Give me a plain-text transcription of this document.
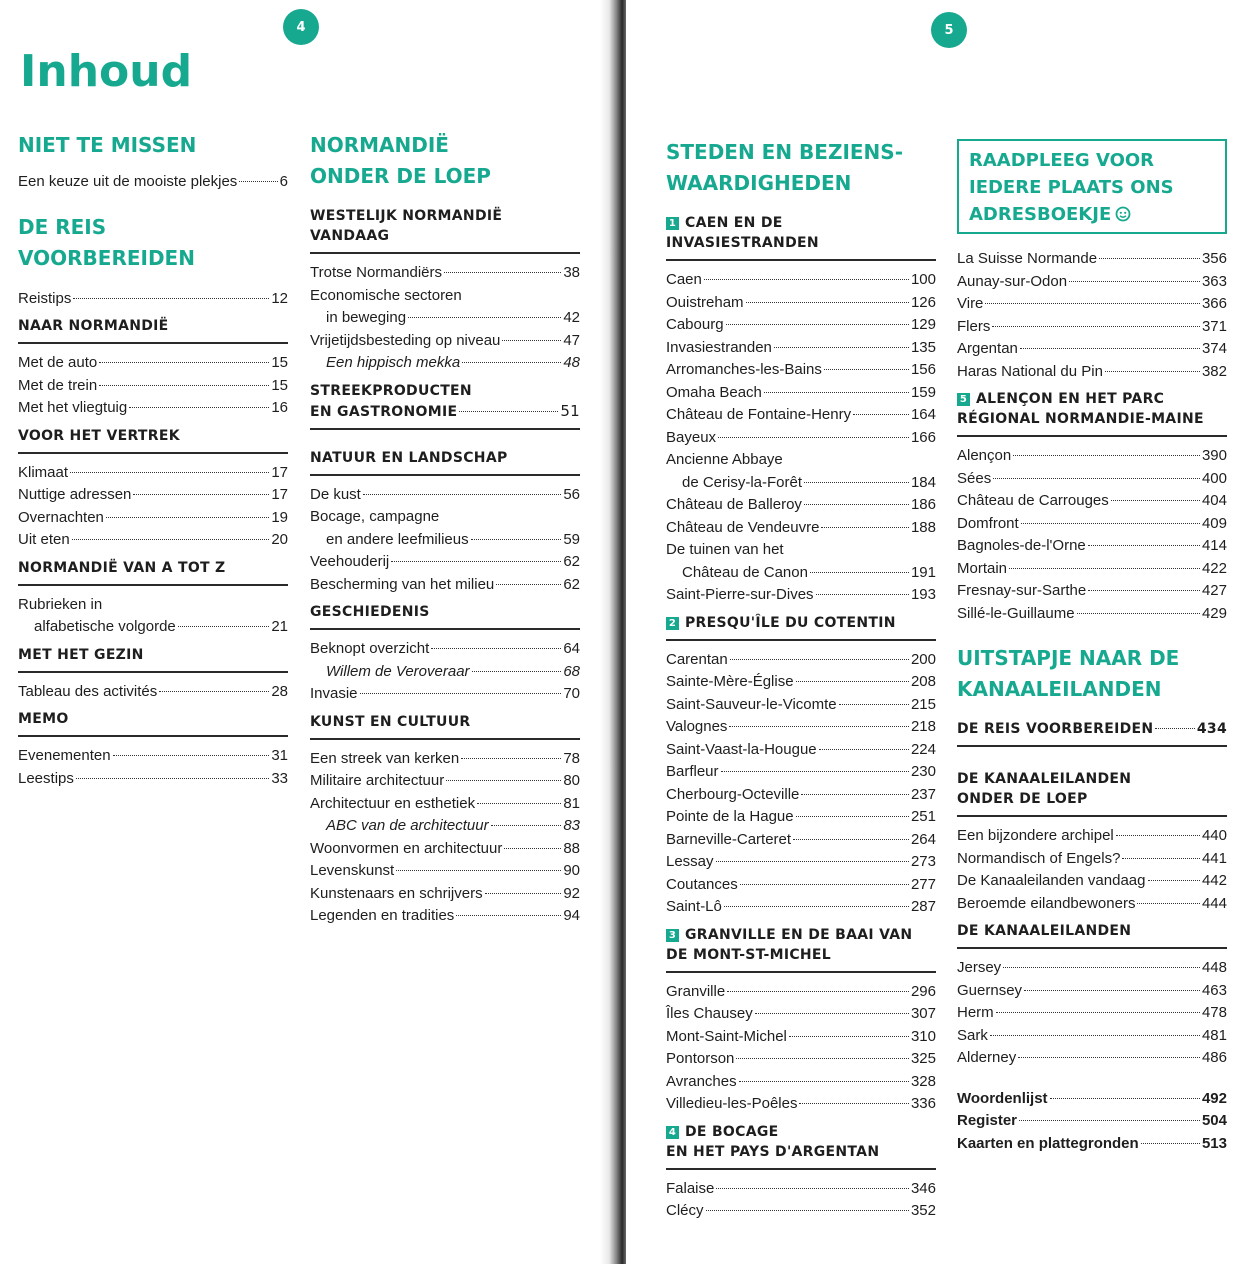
4
Inhoud
NIET TE MISSEN
Een keuze uit de mooiste plekjes	6
DE REIS
VOORBEREIDEN
Reistips	12
NAAR NORMANDIË
Met de auto	15
Met de trein	15
Met het vliegtuig	16
VOOR HET VERTREK
Klimaat	17
Nuttige adressen	17
Overnachten	19
Uit eten	20
NORMANDIË VAN A TOT Z
Rubrieken in
alfabetische volgorde	21
MET HET GEZIN
Tableau des activités	28
MEMO
Evenementen	31
Leestips	33
NORMANDIË
ONDER DE LOEP
WESTELIJK NORMANDIË
VANDAAG
Trotse Normandiërs	38
Economische sectoren
in beweging	42
Vrijetijdsbesteding op niveau	47
Een hippisch mekka	48
STREEKPRODUCTEN
EN GASTRONOMIE	51
NATUUR EN LANDSCHAP
De kust	56
Bocage, campagne
en andere leefmilieus	59
Veehouderij	62
Bescherming van het milieu	62
GESCHIEDENIS
Beknopt overzicht	64
Willem de Veroveraar	68
Invasie	70
KUNST EN CULTUUR
Een streek van kerken	78
Militaire architectuur	80
Architectuur en esthetiek	81
ABC van de architectuur	83
Woonvormen en architectuur	88
Levenskunst	90
Kunstenaars en schrijvers	92
Legenden en tradities	94
5
STEDEN EN BEZIENS-
WAARDIGHEDEN
1 CAEN EN DE INVASIESTRANDEN
Caen	100
Ouistreham	126
Cabourg	129
Invasiestranden	135
Arromanches-les-Bains	156
Omaha Beach	159
Château de Fontaine-Henry	164
Bayeux	166
Ancienne Abbaye
de Cerisy-la-Forêt	184
Château de Balleroy	186
Château de Vendeuvre	188
De tuinen van het
Château de Canon	191
Saint-Pierre-sur-Dives	193
2 PRESQU'ÎLE DU COTENTIN
Carentan	200
Sainte-Mère-Église	208
Saint-Sauveur-le-Vicomte	215
Valognes	218
Saint-Vaast-la-Hougue	224
Barfleur	230
Cherbourg-Octeville	237
Pointe de la Hague	251
Barneville-Carteret	264
Lessay	273
Coutances	277
Saint-Lô	287
3 GRANVILLE EN DE BAAI VAN
DE MONT-ST-MICHEL
Granville	296
Îles Chausey	307
Mont-Saint-Michel	310
Pontorson	325
Avranches	328
Villedieu-les-Poêles	336
4 DE BOCAGE
EN HET PAYS D'ARGENTAN
Falaise	346
Clécy	352
RAADPLEEG VOOR
IEDERE PLAATS ONS
ADRESBOEKJE
La Suisse Normande	356
Aunay-sur-Odon	363
Vire	366
Flers	371
Argentan	374
Haras National du Pin	382
5 ALENÇON EN HET PARC
RÉGIONAL NORMANDIE-MAINE
Alençon	390
Sées	400
Château de Carrouges	404
Domfront	409
Bagnoles-de-l'Orne	414
Mortain	422
Fresnay-sur-Sarthe	427
Sillé-le-Guillaume	429
UITSTAPJE NAAR DE
KANAALEILANDEN
DE REIS VOORBEREIDEN	434
DE KANAALEILANDEN
ONDER DE LOEP
Een bijzondere archipel	440
Normandisch of Engels?	441
De Kanaaleilanden vandaag	442
Beroemde eilandbewoners	444
DE KANAALEILANDEN
Jersey	448
Guernsey	463
Herm	478
Sark	481
Alderney	486
Woordenlijst	492
Register	504
Kaarten en plattegronden	513
